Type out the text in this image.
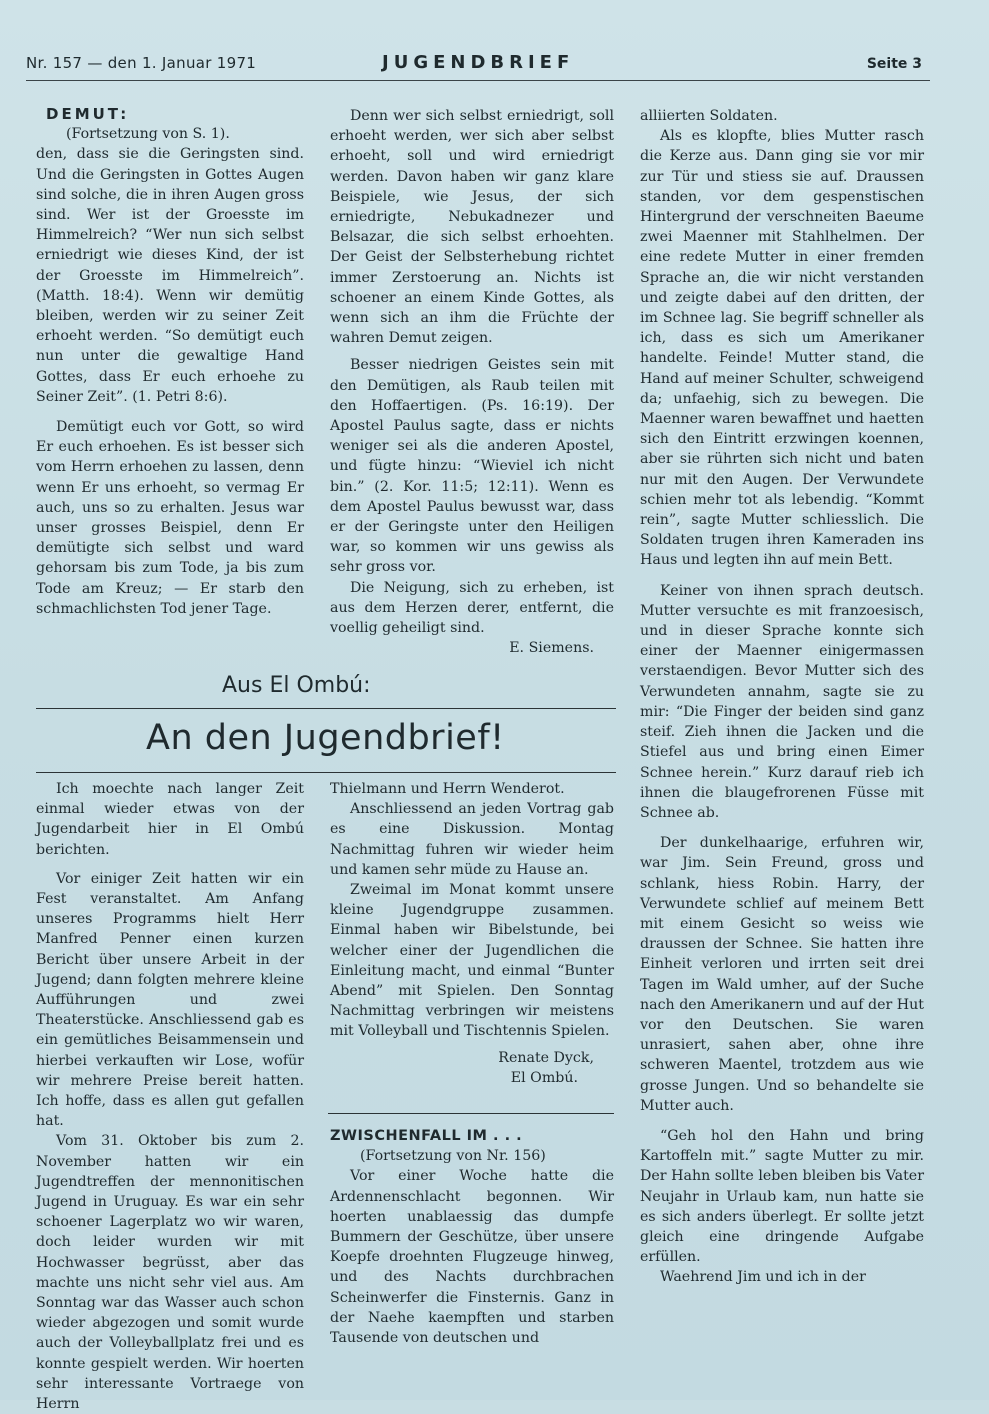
Nr. 157 — den 1. Januar 1971	JUGENDBRIEF	Seite 3
DEMUT:
(Fortsetzung von S. 1).

den, dass sie die Geringsten sind. Und die Geringsten in Gottes Augen sind solche, die in ihren Augen gross sind. Wer ist der Groesste im Himmelreich? “Wer nun sich selbst erniedrigt wie dieses Kind, der ist der Groesste im Himmelreich”. (Matth. 18:4). Wenn wir demütig bleiben, werden wir zu seiner Zeit erhoeht werden. “So demütigt euch nun unter die gewaltige Hand Gottes, dass Er euch erhoehe zu Seiner Zeit”. (1. Petri 8:6).

Demütigt euch vor Gott, so wird Er euch erhoehen. Es ist besser sich vom Herrn erhoehen zu lassen, denn wenn Er uns erhoeht, so vermag Er auch, uns so zu erhalten. Jesus war unser grosses Beispiel, denn Er demütigte sich selbst und ward gehorsam bis zum Tode, ja bis zum Tode am Kreuz; — Er starb den schmachlichsten Tod jener Tage.

Denn wer sich selbst erniedrigt, soll erhoeht werden, wer sich aber selbst erhoeht, soll und wird erniedrigt werden. Davon haben wir ganz klare Beispiele, wie Jesus, der sich erniedrigte, Nebukadnezer und Belsazar, die sich selbst erhoehten. Der Geist der Selbsterhebung richtet immer Zerstoerung an. Nichts ist schoener an einem Kinde Gottes, als wenn sich an ihm die Früchte der wahren Demut zeigen.

Besser niedrigen Geistes sein mit den Demütigen, als Raub teilen mit den Hoffaertigen. (Ps. 16:19). Der Apostel Paulus sagte, dass er nichts weniger sei als die anderen Apostel, und fügte hinzu: “Wieviel ich nicht bin.” (2. Kor. 11:5; 12:11). Wenn es dem Apostel Paulus bewusst war, dass er der Geringste unter den Heiligen war, so kommen wir uns gewiss als sehr gross vor.

Die Neigung, sich zu erheben, ist aus dem Herzen derer, entfernt, die voellig geheiligt sind.

E. Siemens.

Aus El Ombú:
An den Jugendbrief!

Ich moechte nach langer Zeit einmal wieder etwas von der Jugendarbeit hier in El Ombú berichten.

Vor einiger Zeit hatten wir ein Fest veranstaltet. Am Anfang unseres Programms hielt Herr Manfred Penner einen kurzen Bericht über unsere Arbeit in der Jugend; dann folgten mehrere kleine Aufführungen und zwei Theaterstücke. Anschliessend gab es ein gemütliches Beisammensein und hierbei verkauften wir Lose, wofür wir mehrere Preise bereit hatten. Ich hoffe, dass es allen gut gefallen hat.

Vom 31. Oktober bis zum 2. November hatten wir ein Jugendtreffen der mennonitischen Jugend in Uruguay. Es war ein sehr schoener Lagerplatz wo wir waren, doch leider wurden wir mit Hochwasser begrüsst, aber das machte uns nicht sehr viel aus. Am Sonntag war das Wasser auch schon wieder abgezogen und somit wurde auch der Volleyballplatz frei und es konnte gespielt werden. Wir hoerten sehr interessante Vortraege von Herrn

Thielmann und Herrn Wenderot.

Anschliessend an jeden Vortrag gab es eine Diskussion. Montag Nachmittag fuhren wir wieder heim und kamen sehr müde zu Hause an.

Zweimal im Monat kommt unsere kleine Jugendgruppe zusammen. Einmal haben wir Bibelstunde, bei welcher einer der Jugendlichen die Einleitung macht, und einmal “Bunter Abend” mit Spielen. Den Sonntag Nachmittag verbringen wir meistens mit Volleyball und Tischtennis Spielen.

Renate Dyck,

El Ombú.

ZWISCHENFALL IM . . .
(Fortsetzung von Nr. 156)

Vor einer Woche hatte die Ardennenschlacht begonnen. Wir hoerten unablaessig das dumpfe Bummern der Geschütze, über unsere Koepfe droehnten Flugzeuge hinweg, und des Nachts durchbrachen Scheinwerfer die Finsternis. Ganz in der Naehe kaempften und starben Tausende von deutschen und

alliierten Soldaten.

Als es klopfte, blies Mutter rasch die Kerze aus. Dann ging sie vor mir zur Tür und stiess sie auf. Draussen standen, vor dem gespenstischen Hintergrund der verschneiten Baeume zwei Maenner mit Stahlhelmen. Der eine redete Mutter in einer fremden Sprache an, die wir nicht verstanden und zeigte dabei auf den dritten, der im Schnee lag. Sie begriff schneller als ich, dass es sich um Amerikaner handelte. Feinde! Mutter stand, die Hand auf meiner Schulter, schweigend da; unfaehig, sich zu bewegen. Die Maenner waren bewaffnet und haetten sich den Eintritt erzwingen koennen, aber sie rührten sich nicht und baten nur mit den Augen. Der Verwundete schien mehr tot als lebendig. “Kommt rein”, sagte Mutter schliesslich. Die Soldaten trugen ihren Kameraden ins Haus und legten ihn auf mein Bett.

Keiner von ihnen sprach deutsch. Mutter versuchte es mit franzoesisch, und in dieser Sprache konnte sich einer der Maenner einigermassen verstaendigen. Bevor Mutter sich des Verwundeten annahm, sagte sie zu mir: “Die Finger der beiden sind ganz steif. Zieh ihnen die Jacken und die Stiefel aus und bring einen Eimer Schnee herein.” Kurz darauf rieb ich ihnen die blaugefrorenen Füsse mit Schnee ab.

Der dunkelhaarige, erfuhren wir, war Jim. Sein Freund, gross und schlank, hiess Robin. Harry, der Verwundete schlief auf meinem Bett mit einem Gesicht so weiss wie draussen der Schnee. Sie hatten ihre Einheit verloren und irrten seit drei Tagen im Wald umher, auf der Suche nach den Amerikanern und auf der Hut vor den Deutschen. Sie waren unrasiert, sahen aber, ohne ihre schweren Maentel, trotzdem aus wie grosse Jungen. Und so behandelte sie Mutter auch.

“Geh hol den Hahn und bring Kartoffeln mit.” sagte Mutter zu mir. Der Hahn sollte leben bleiben bis Vater Neujahr in Urlaub kam, nun hatte sie es sich anders überlegt. Er sollte jetzt gleich eine dringende Aufgabe erfüllen.

Waehrend Jim und ich in der
